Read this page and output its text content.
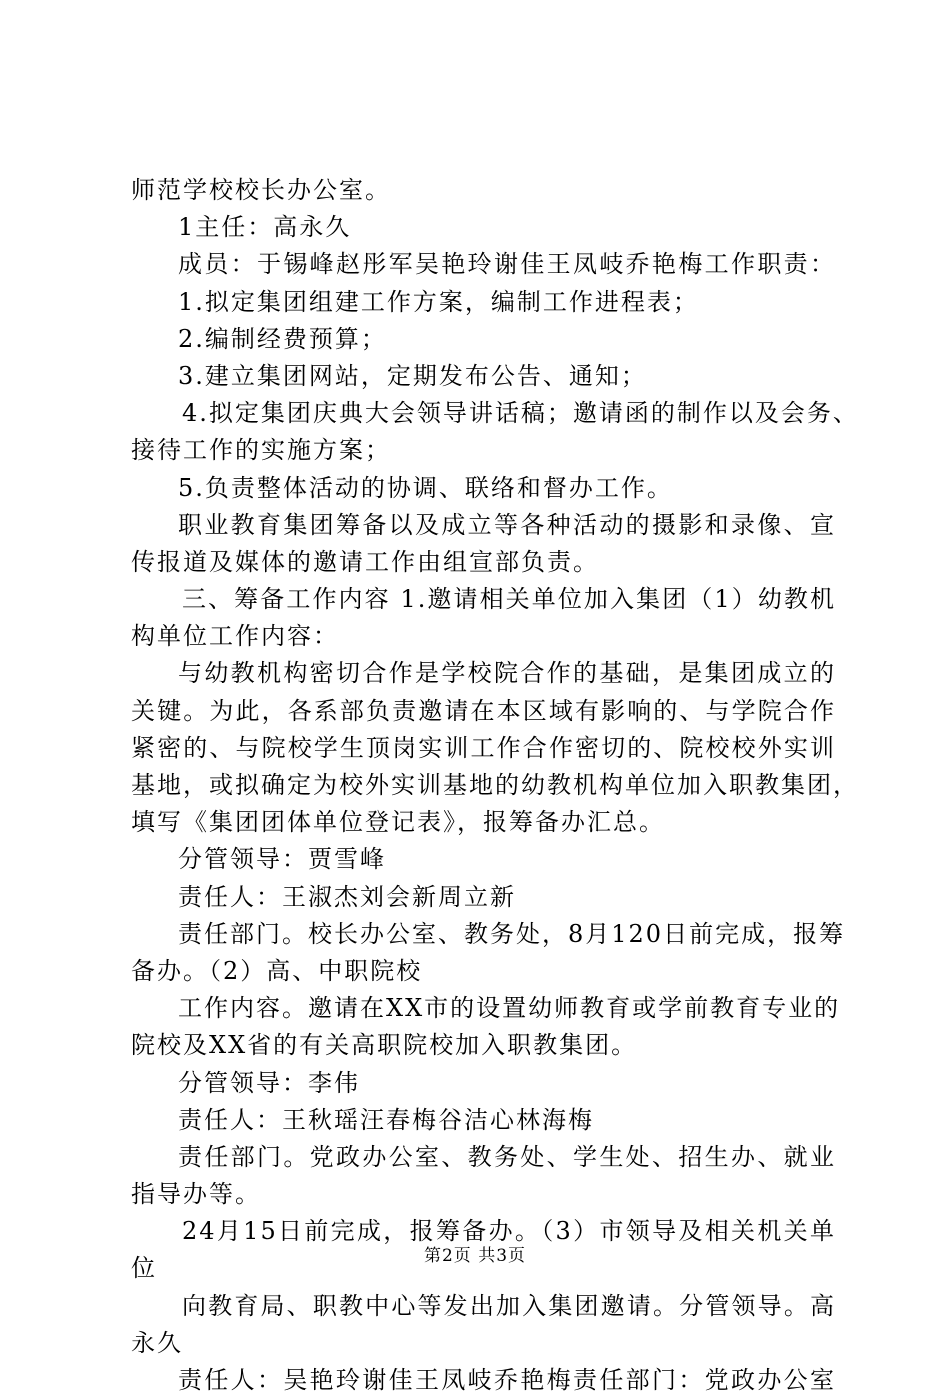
师范学校校长办公室。
1主任：高永久
成员：于锡峰赵彤军吴艳玲谢佳王凤岐乔艳梅工作职责：
1.拟定集团组建工作方案，编制工作进程表；
2.编制经费预算；
3.建立集团网站，定期发布公告、通知；
4.拟定集团庆典大会领导讲话稿；邀请函的制作以及会务、
接待工作的实施方案；
5.负责整体活动的协调、联络和督办工作。
职业教育集团筹备以及成立等各种活动的摄影和录像、宣
传报道及媒体的邀请工作由组宣部负责。
三、筹备工作内容 1.邀请相关单位加入集团（1）幼教机
构单位工作内容：
与幼教机构密切合作是学校院合作的基础，是集团成立的
关键。为此，各系部负责邀请在本区域有影响的、与学院合作
紧密的、与院校学生顶岗实训工作合作密切的、院校校外实训
基地，或拟确定为校外实训基地的幼教机构单位加入职教集团，
填写《集团团体单位登记表》，报筹备办汇总。
分管领导：贾雪峰
责任人：王淑杰刘会新周立新
责任部门。校长办公室、教务处，8月120日前完成，报筹
备办。（2）高、中职院校
工作内容。邀请在XX市的设置幼师教育或学前教育专业的
院校及XX省的有关高职院校加入职教集团。
分管领导：李伟
责任人：王秋瑶汪春梅谷洁心林海梅
责任部门。党政办公室、教务处、学生处、招生办、就业
指导办等。
24月15日前完成，报筹备办。（3）市领导及相关机关单
位
向教育局、职教中心等发出加入集团邀请。分管领导。高
永久
责任人：吴艳玲谢佳王凤岐乔艳梅责任部门：党政办公室
第2页 共3页
